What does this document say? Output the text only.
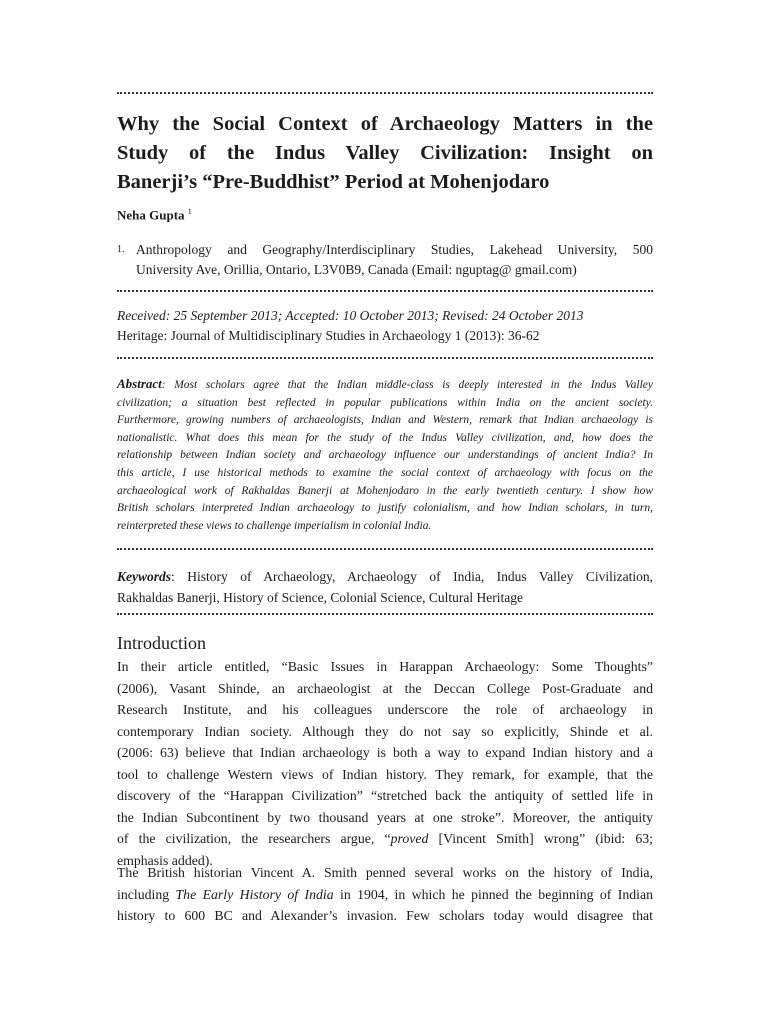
Why the Social Context of Archaeology Matters in the
Study of the Indus Valley Civilization: Insight on
Banerji’s “Pre-Buddhist” Period at Mohenjodaro
Neha Gupta $^1$
1. Anthropology and Geography/Interdisciplinary Studies, Lakehead University, 500
University Ave, Orillia, Ontario, L3V0B9, Canada (Email: nguptag@ gmail.com)
Received: 25 September 2013; Accepted: 10 October 2013; Revised: 24 October 2013
Heritage: Journal of Multidisciplinary Studies in Archaeology 1 (2013): 36-62
Abstract: Most scholars agree that the Indian middle-class is deeply interested in the Indus Valley
civilization; a situation best reflected in popular publications within India on the ancient society.
Furthermore, growing numbers of archaeologists, Indian and Western, remark that Indian archaeology is
nationalistic. What does this mean for the study of the Indus Valley civilization, and, how does the
relationship between Indian society and archaeology influence our understandings of ancient India? In
this article, I use historical methods to examine the social context of archaeology with focus on the
archaeological work of Rakhaldas Banerji at Mohenjodaro in the early twentieth century. I show how
British scholars interpreted Indian archaeology to justify colonialism, and how Indian scholars, in turn,
reinterpreted these views to challenge imperialism in colonial India.
Keywords: History of Archaeology, Archaeology of India, Indus Valley Civilization,
Rakhaldas Banerji, History of Science, Colonial Science, Cultural Heritage
Introduction
In their article entitled, “Basic Issues in Harappan Archaeology: Some Thoughts”
(2006), Vasant Shinde, an archaeologist at the Deccan College Post-Graduate and
Research Institute, and his colleagues underscore the role of archaeology in
contemporary Indian society. Although they do not say so explicitly, Shinde et al.
(2006: 63) believe that Indian archaeology is both a way to expand Indian history and a
tool to challenge Western views of Indian history. They remark, for example, that the
discovery of the “Harappan Civilization” “stretched back the antiquity of settled life in
the Indian Subcontinent by two thousand years at one stroke”. Moreover, the antiquity
of the civilization, the researchers argue, “proved [Vincent Smith] wrong” (ibid: 63;
emphasis added).
The British historian Vincent A. Smith penned several works on the history of India,
including The Early History of India in 1904, in which he pinned the beginning of Indian
history to 600 BC and Alexander’s invasion. Few scholars today would disagree that
